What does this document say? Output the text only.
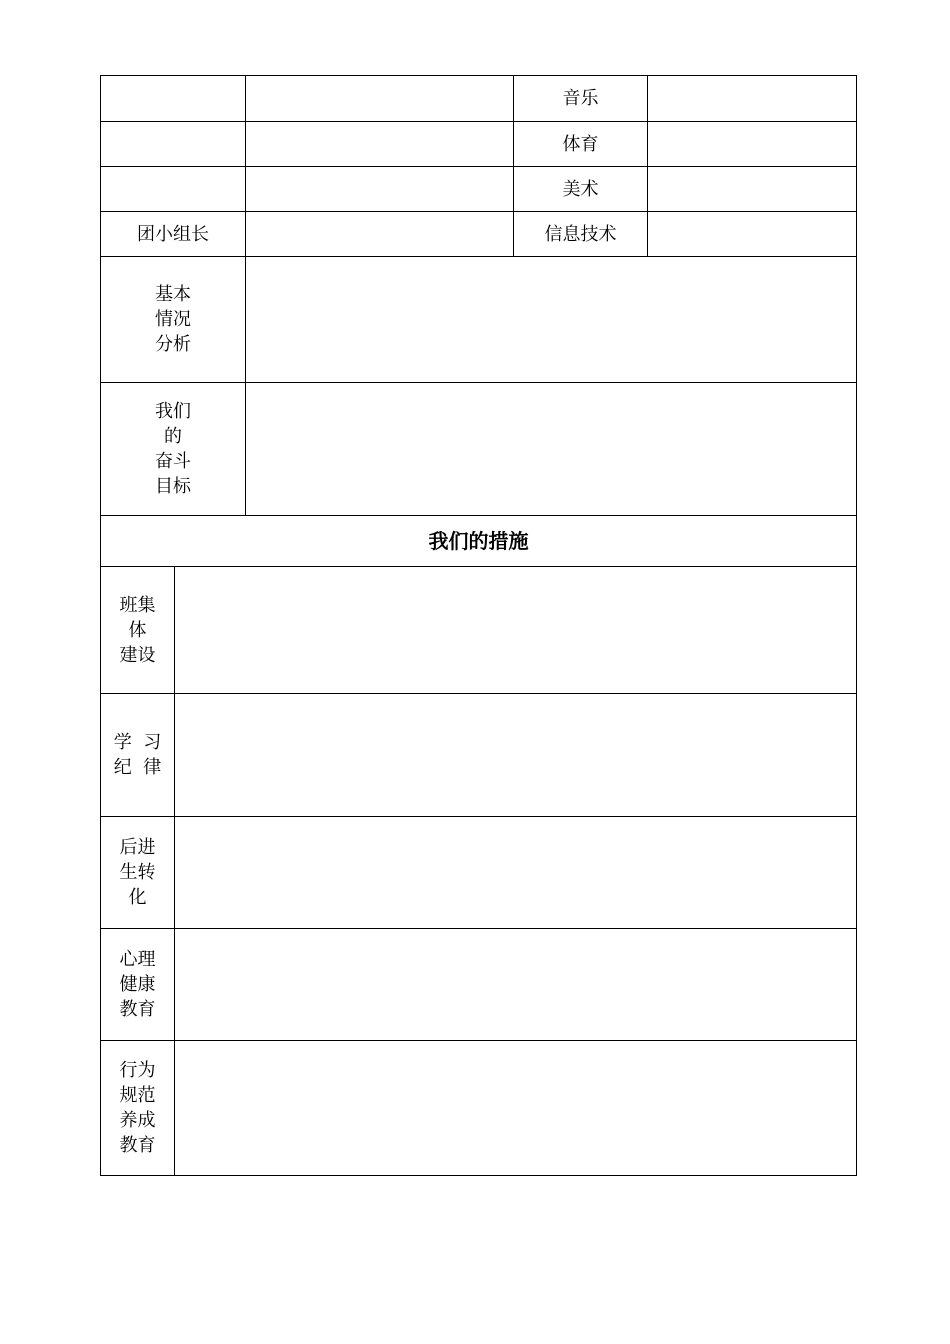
音乐
体育
美术
团小组长	信息技术
基本
情况
分析
我们
的
奋斗
目标
我们的措施
班集
体
建设
学  习
纪  律
后进
生转
化
心理
健康
教育
行为
规范
养成
教育
